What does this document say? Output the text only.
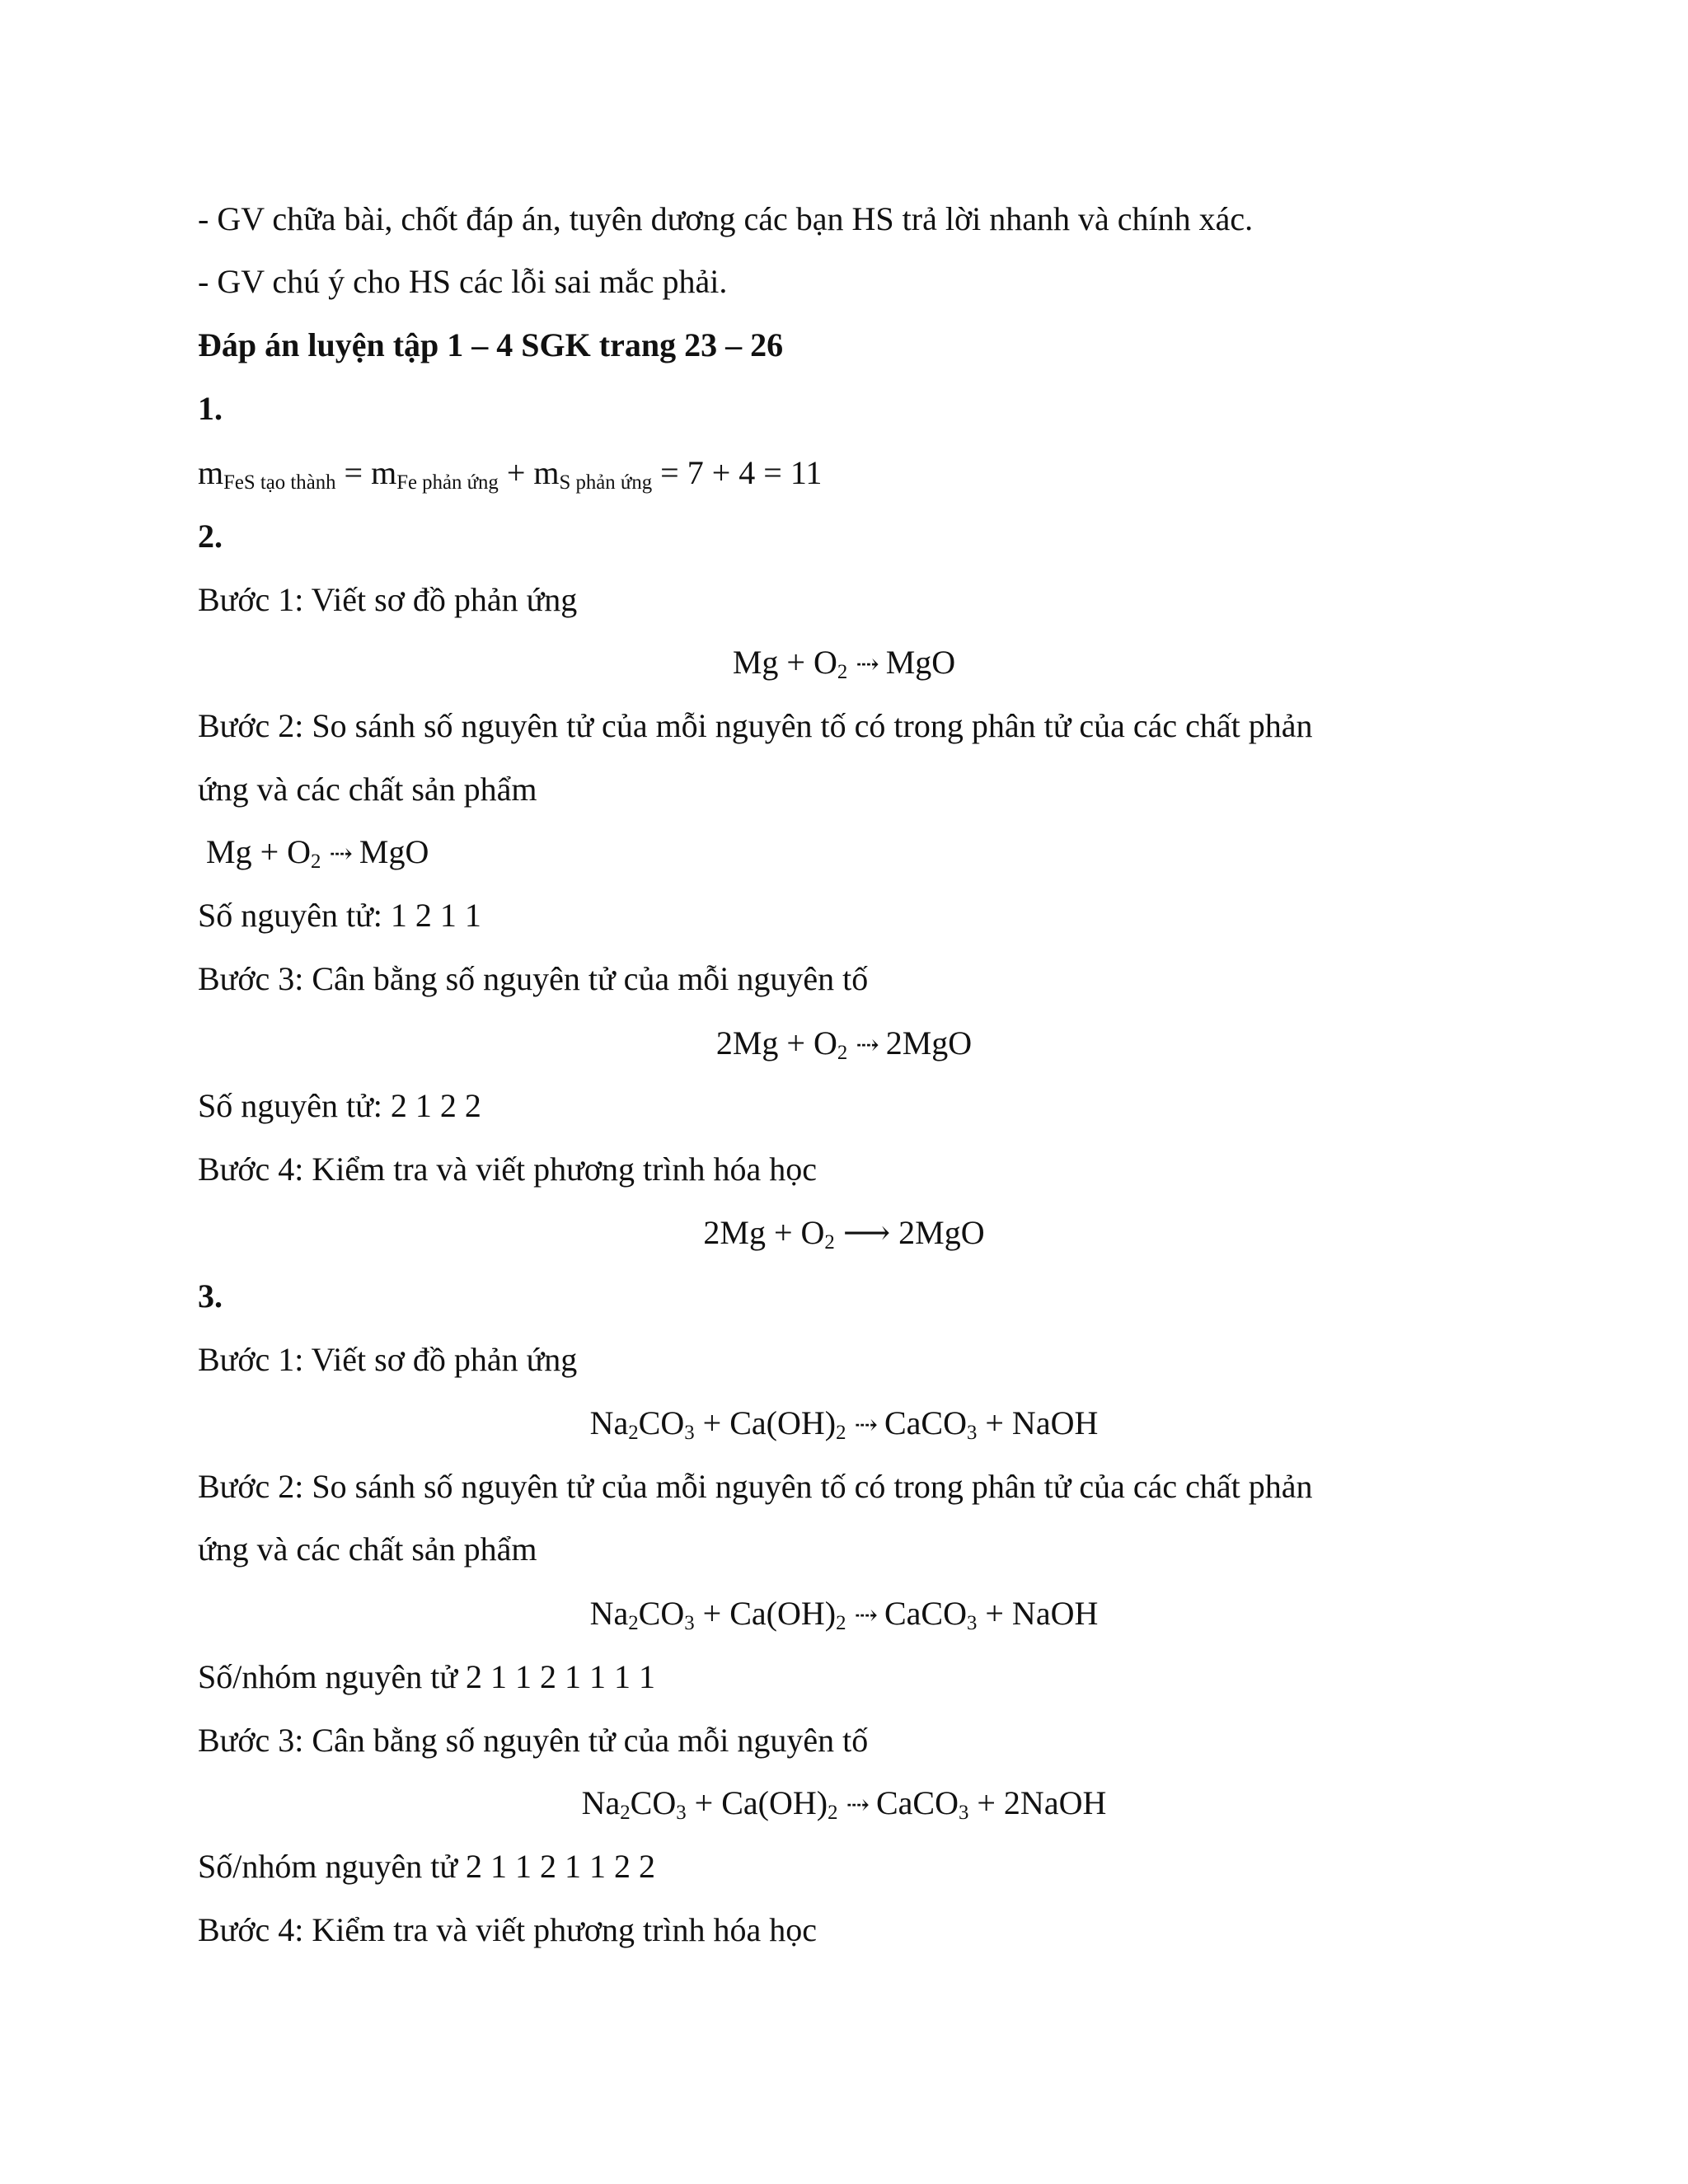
- GV chữa bài, chốt đáp án, tuyên dương các bạn HS trả lời nhanh và chính xác.
- GV chú ý cho HS các lỗi sai mắc phải.
Đáp án luyện tập 1 – 4 SGK trang 23 – 26
1.
$m_{FeS tạo thành} = m_{Fe phản ứng} + m_{S phản ứng} = 7 + 4 = 11$
2.
Bước 1: Viết sơ đồ phản ứng
$Mg + O_2$ ⇢ MgO
Bước 2: So sánh số nguyên tử của mỗi nguyên tố có trong phân tử của các chất phản
ứng và các chất sản phẩm
$Mg + O_2$ ⇢ MgO
Số nguyên tử: 1 2 1 1
Bước 3: Cân bằng số nguyên tử của mỗi nguyên tố
$2Mg + O_2$ ⇢ 2MgO
Số nguyên tử: 2 1 2 2
Bước 4: Kiểm tra và viết phương trình hóa học
$2Mg + O_2$ ⟶ 2MgO
3.
Bước 1: Viết sơ đồ phản ứng
$Na_2CO_3 + Ca(OH)_2$ ⇢ CaCO$_3$ + NaOH
Bước 2: So sánh số nguyên tử của mỗi nguyên tố có trong phân tử của các chất phản
ứng và các chất sản phẩm
$Na_2CO_3 + Ca(OH)_2$ ⇢ CaCO$_3$ + NaOH
Số/nhóm nguyên tử 2 1 1 2 1 1 1 1
Bước 3: Cân bằng số nguyên tử của mỗi nguyên tố
$Na_2CO_3 + Ca(OH)_2$ ⇢ CaCO$_3$ + 2NaOH
Số/nhóm nguyên tử 2 1 1 2 1 1 2 2
Bước 4: Kiểm tra và viết phương trình hóa học
